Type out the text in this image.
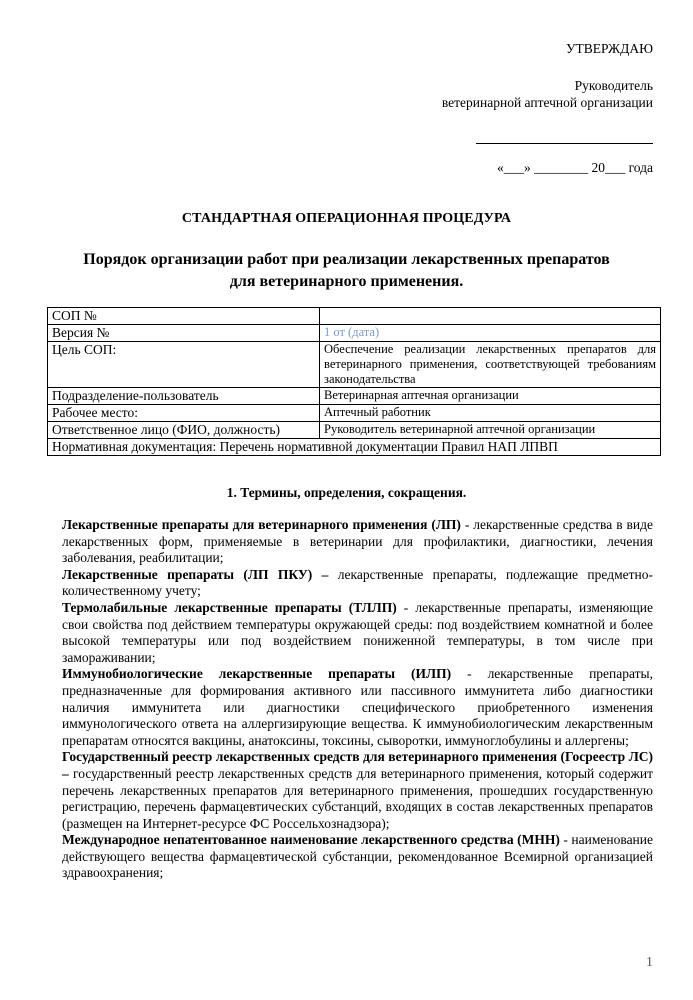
УТВЕРЖДАЮ
Руководитель
ветеринарной аптечной организации
«___» ________ 20___ года
СТАНДАРТНАЯ ОПЕРАЦИОННАЯ ПРОЦЕДУРА
Порядок организации работ при реализации лекарственных препаратов
для ветеринарного применения.
СОП №	
Версия №	1 от (дата)
Цель СОП:	Обеспечение реализации лекарственных препаратов для ветеринарного применения, соответствующей требованиям законодательства
Подразделение-пользователь	Ветеринарная аптечная организации
Рабочее место:	Аптечный работник
Ответственное лицо (ФИО, должность)	Руководитель ветеринарной аптечной организации
Нормативная документация: Перечень нормативной документации Правил НАП ЛПВП	
1. Термины, определения, сокращения.

Лекарственные препараты для ветеринарного применения (ЛП) - лекарственные средства в виде лекарственных форм, применяемые в ветеринарии для профилактики, диагностики, лечения заболевания, реабилитации;

Лекарственные препараты (ЛП ПКУ) – лекарственные препараты, подлежащие предметно-количественному учету;

Термолабильные лекарственные препараты (ТЛЛП) - лекарственные препараты, изменяющие свои свойства под действием температуры окружающей среды: под воздействием комнатной и более высокой температуры или под воздействием пониженной температуры, в том числе при замораживании;

Иммунобиологические лекарственные препараты (ИЛП) - лекарственные препараты, предназначенные для формирования активного или пассивного иммунитета либо диагностики наличия иммунитета или диагностики специфического приобретенного изменения иммунологического ответа на аллергизирующие вещества. К иммунобиологическим лекарственным препаратам относятся вакцины, анатоксины, токсины, сыворотки, иммуноглобулины и аллергены;

Государственный реестр лекарственных средств для ветеринарного применения (Госреестр ЛС) – государственный реестр лекарственных средств для ветеринарного применения, который содержит перечень лекарственных препаратов для ветеринарного применения, прошедших государственную регистрацию, перечень фармацевтических субстанций, входящих в состав лекарственных препаратов (размещен на Интернет-ресурсе ФС Россельхознадзора);

Международное непатентованное наименование лекарственного средства (МНН) - наименование действующего вещества фармацевтической субстанции, рекомендованное Всемирной организацией здравоохранения;

1
